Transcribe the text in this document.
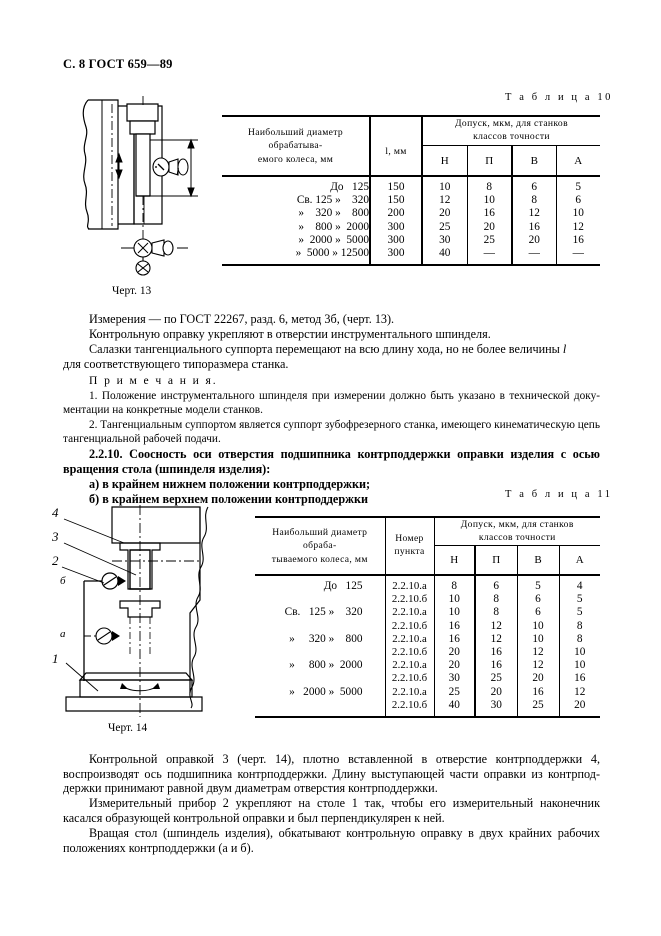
С. 8 ГОСТ 659—89
l
Черт. 13
Т а б л и ц а 10
Наибольший диаметр обрабатыва-
емого колеса, мм	l, мм	Допуск, мкм, для станков
классов точности			
		Н	П	В	А
До   125	150	10	8	6	5
Св. 125 »    320	150	12	10	8	6
»    320 »    800	200	20	16	12	10
»    800 »  2000	300	25	20	16	12
»  2000 »  5000	300	30	25	20	16
»  5000 » 12500	300	40	—	—	—
Измерения — по ГОСТ 22267, разд. 6, метод 3б, (черт. 13).
Контрольную оправку укрепляют в отверстии инструментального шпинделя.
Салазки тангенциального суппорта перемещают на всю длину хода, но не более величины l
для соответствующего типоразмера станка.
П р и м е ч а н и я.
1. Положение инструментального шпинделя при измерении должно быть указано в технической доку-ментации на конкретные модели станков.
2. Тангенциальным суппортом является суппорт зубофрезерного станка, имеющего кинематическую цепь тангенциальной рабочей подачи.
2.2.10. Соосность оси отверстия подшипника контрподдержки оправки изделия с осью вращения стола (шпинделя изделия):
а) в крайнем нижнем положении контрподдержки;
б) в крайнем верхнем положении контрподдержки
4
3
2
б
а
1
Черт. 14
Т а б л и ц а 11
Наибольший диаметр обраба-
тываемого колеса, мм	Номер
пункта	Допуск, мкм, для станков
классов точности			
		Н	П	В	А
До   125	2.2.10.а	8	6	5	4
	2.2.10.б	10	8	6	5
Св.   125 »    320	2.2.10.а	10	8	6	5
	2.2.10.б	16	12	10	8
»     320 »    800	2.2.10.а	16	12	10	8
	2.2.10.б	20	16	12	10
»     800 »  2000	2.2.10.а	20	16	12	10
	2.2.10.б	30	25	20	16
»   2000 »  5000	2.2.10.а	25	20	16	12
	2.2.10.б	40	30	25	20
Контрольной оправкой 3 (черт. 14), плотно вставленной в отверстие контрподдержки 4, воспроизводят ось подшипника контрподдержки. Длину выступающей части оправки из контрпод-держки принимают равной двум диаметрам отверстия контрподдержки.
Измерительный прибор 2 укрепляют на столе 1 так, чтобы его измерительный наконечник касался образующей контрольной оправки и был перпендикулярен к ней.
Вращая стол (шпиндель изделия), обкатывают контрольную оправку в двух крайних рабочих положениях контрподдержки (а и б).
